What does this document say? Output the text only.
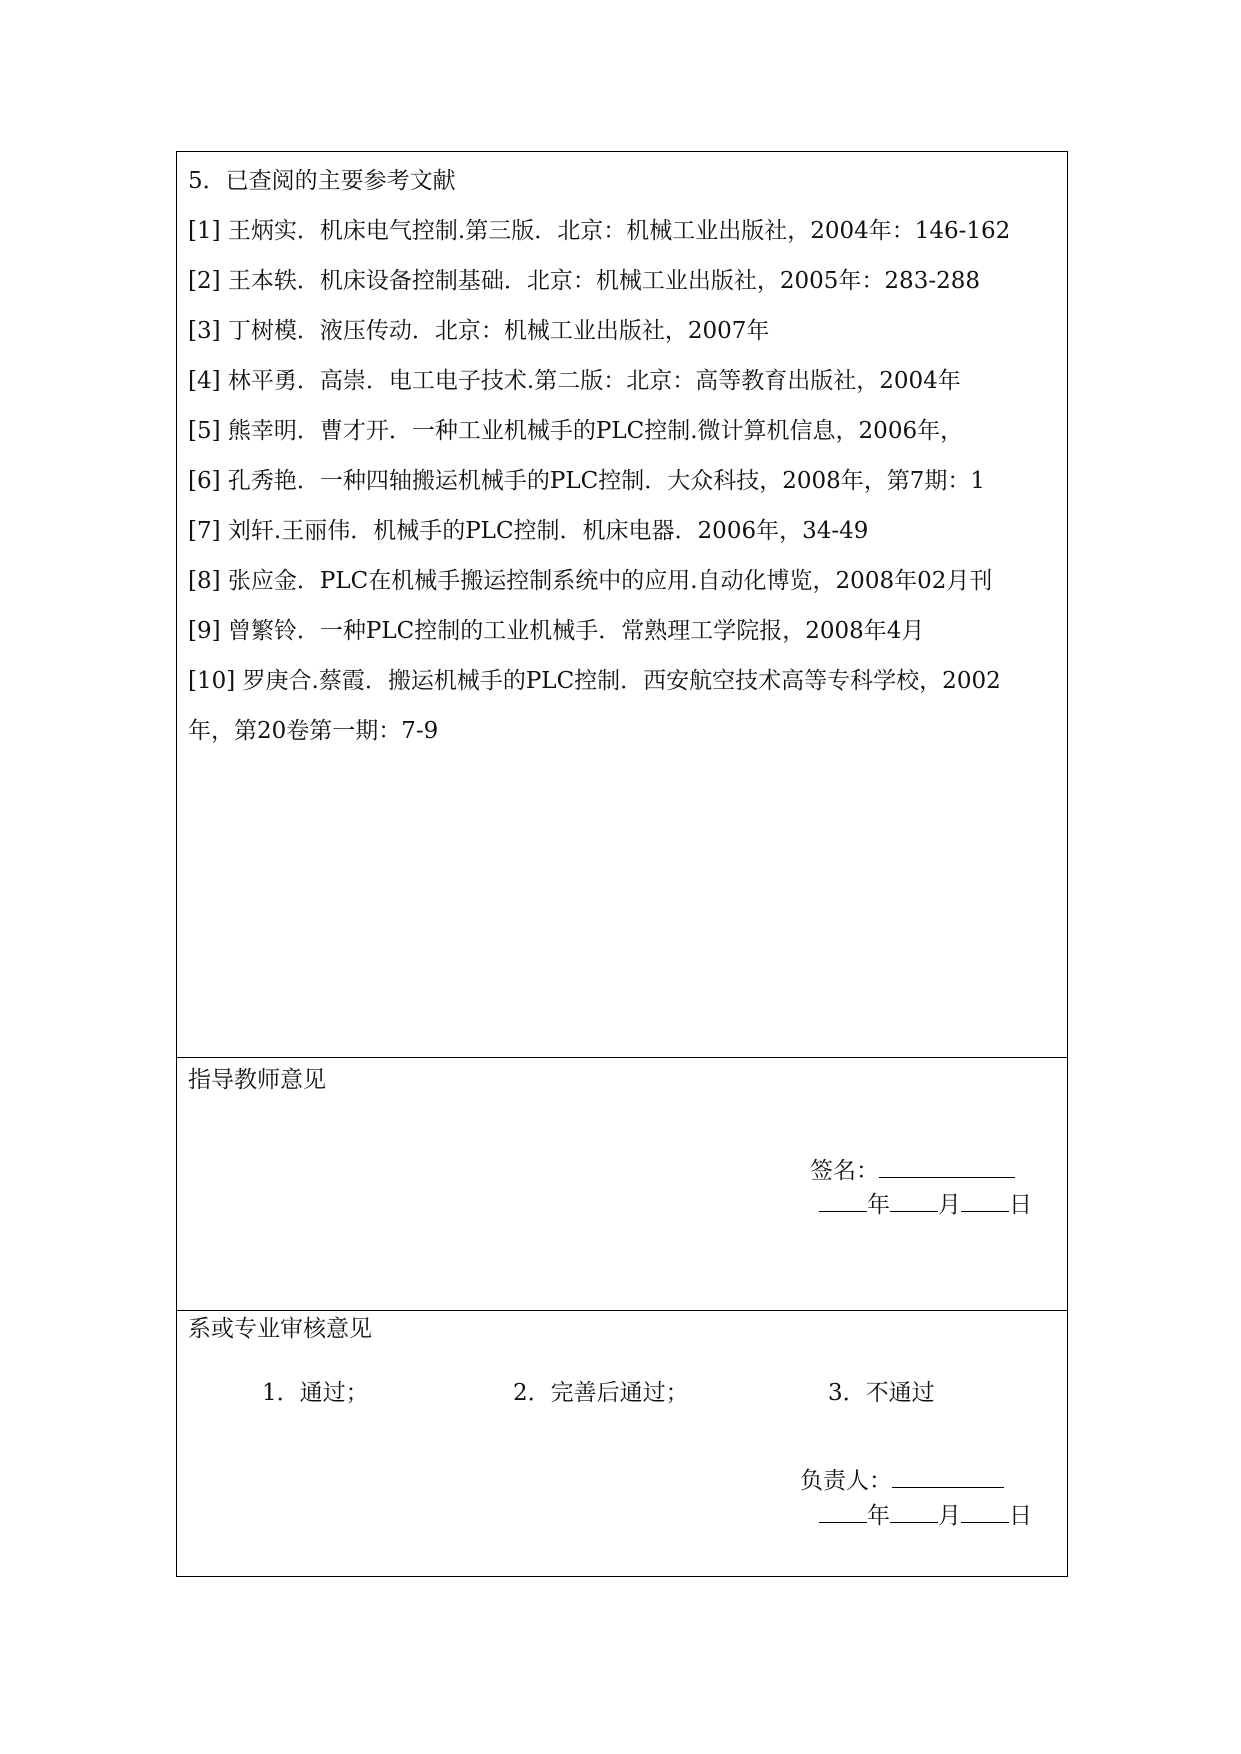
5．已查阅的主要参考文献
[1] 王炳实．机床电气控制.第三版．北京：机械工业出版社，2004年：146-162
[2] 王本轶．机床设备控制基础．北京：机械工业出版社，2005年：283-288
[3] 丁树模．液压传动．北京：机械工业出版社，2007年
[4] 林平勇．高崇．电工电子技术.第二版：北京：高等教育出版社，2004年
[5] 熊幸明．曹才开．一种工业机械手的PLC控制.微计算机信息，2006年，
[6] 孔秀艳．一种四轴搬运机械手的PLC控制．大众科技，2008年，第7期：1
[7] 刘轩.王丽伟．机械手的PLC控制．机床电器．2006年，34-49
[8] 张应金．PLC在机械手搬运控制系统中的应用.自动化博览，2008年02月刊
[9] 曾繁铃．一种PLC控制的工业机械手．常熟理工学院报，2008年4月
[10] 罗庚合.蔡霞．搬运机械手的PLC控制．西安航空技术高等专科学校，2002
年，第20卷第一期：7-9
指导教师意见
签名：
年 月 日
系或专业审核意见
1．通过；	2．完善后通过；	3．不通过
负责人：
年 月 日
